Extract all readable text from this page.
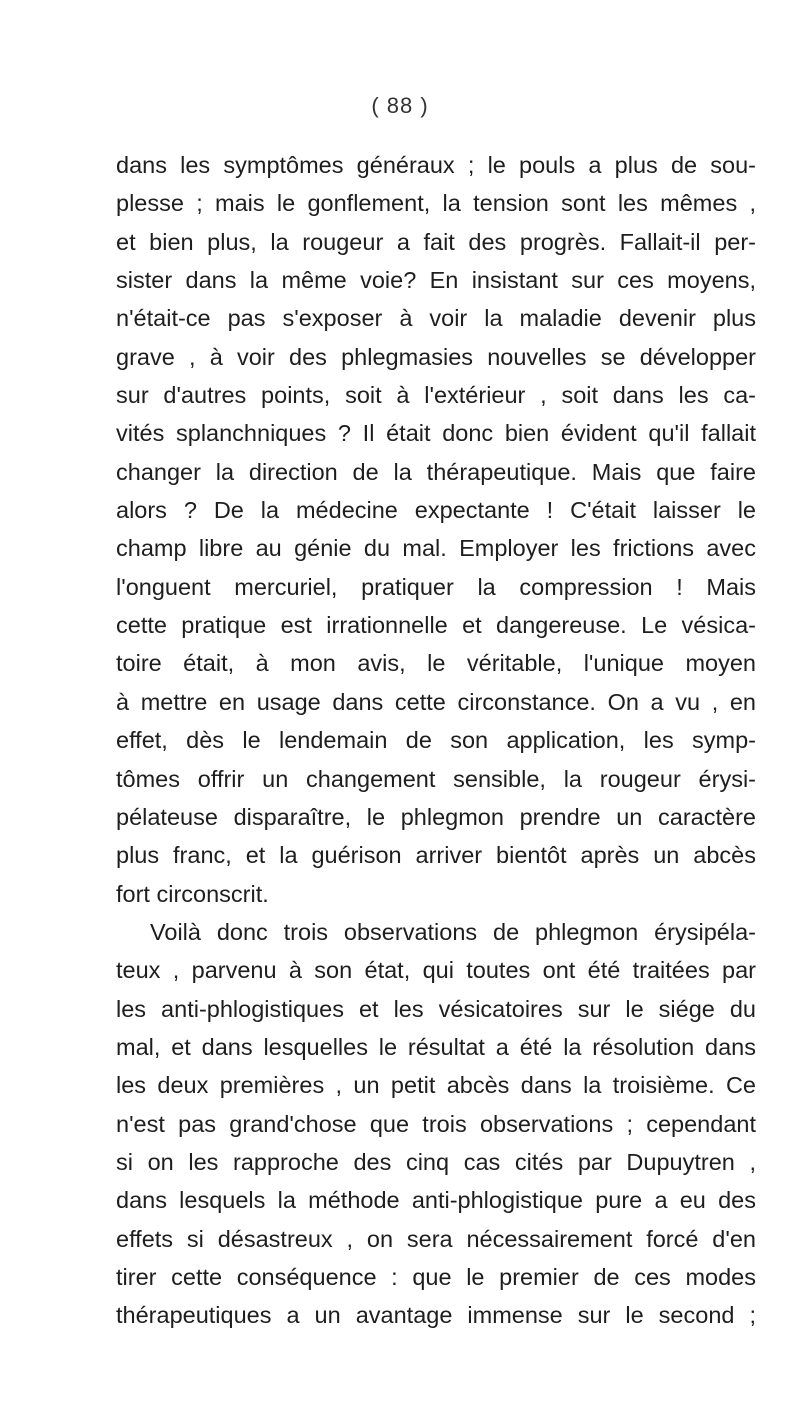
( 88 )
dans les symptômes généraux ; le pouls a plus de sou-
plesse ; mais le gonflement, la tension sont les mêmes ,
et bien plus, la rougeur a fait des progrès. Fallait-il per-
sister dans la même voie? En insistant sur ces moyens,
n'était-ce pas s'exposer à voir la maladie devenir plus
grave , à voir des phlegmasies nouvelles se développer
sur d'autres points, soit à l'extérieur , soit dans les ca-
vités splanchniques ? Il était donc bien évident qu'il fallait
changer la direction de la thérapeutique. Mais que faire
alors ? De la médecine expectante ! C'était laisser le
champ libre au génie du mal. Employer les frictions avec
l'onguent mercuriel, pratiquer la compression ! Mais
cette pratique est irrationnelle et dangereuse. Le vésica-
toire était, à mon avis, le véritable, l'unique moyen
à mettre en usage dans cette circonstance. On a vu , en
effet, dès le lendemain de son application, les symp-
tômes offrir un changement sensible, la rougeur érysi-
pélateuse disparaître, le phlegmon prendre un caractère
plus franc, et la guérison arriver bientôt après un abcès
fort circonscrit.
Voilà donc trois observations de phlegmon érysipéla-
teux , parvenu à son état, qui toutes ont été traitées par
les anti-phlogistiques et les vésicatoires sur le siége du
mal, et dans lesquelles le résultat a été la résolution dans
les deux premières , un petit abcès dans la troisième. Ce
n'est pas grand'chose que trois observations ; cependant
si on les rapproche des cinq cas cités par Dupuytren ,
dans lesquels la méthode anti-phlogistique pure a eu des
effets si désastreux , on sera nécessairement forcé d'en
tirer cette conséquence : que le premier de ces modes
thérapeutiques a un avantage immense sur le second ;
